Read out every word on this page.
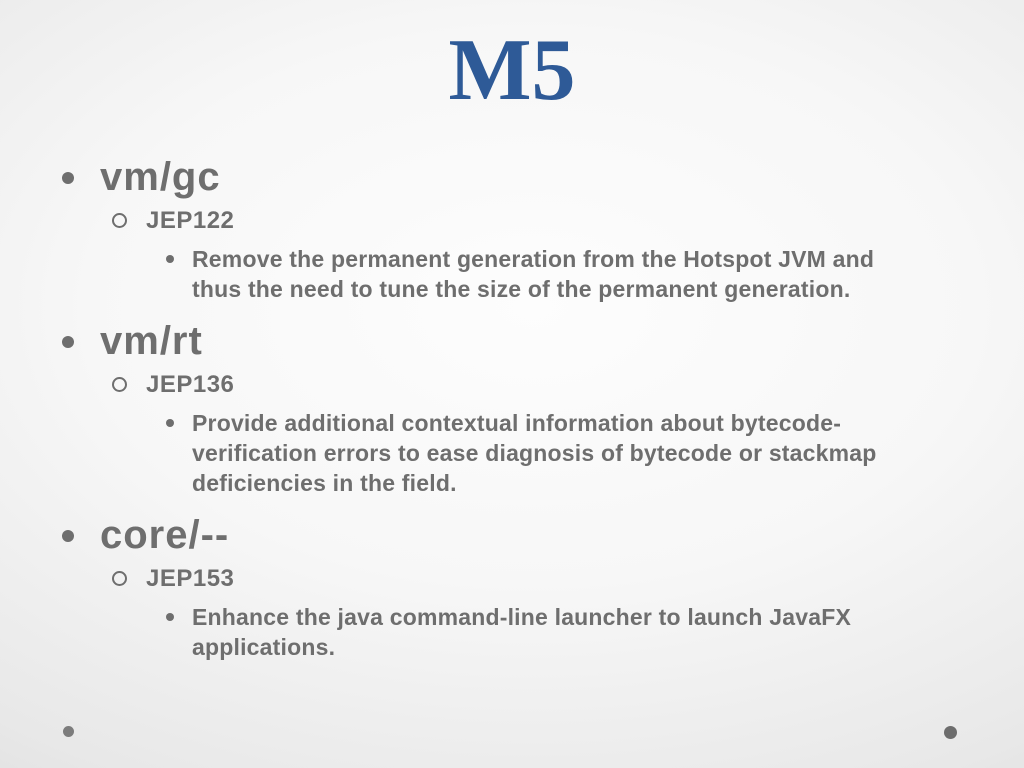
M5
vm/gc
JEP122
Remove the permanent generation from the Hotspot JVM and
thus the need to tune the size of the permanent generation.
vm/rt
JEP136
Provide additional contextual information about bytecode-
verification errors to ease diagnosis of bytecode or stackmap
deficiencies in the field.
core/--
JEP153
Enhance the java command-line launcher to launch JavaFX
applications.
